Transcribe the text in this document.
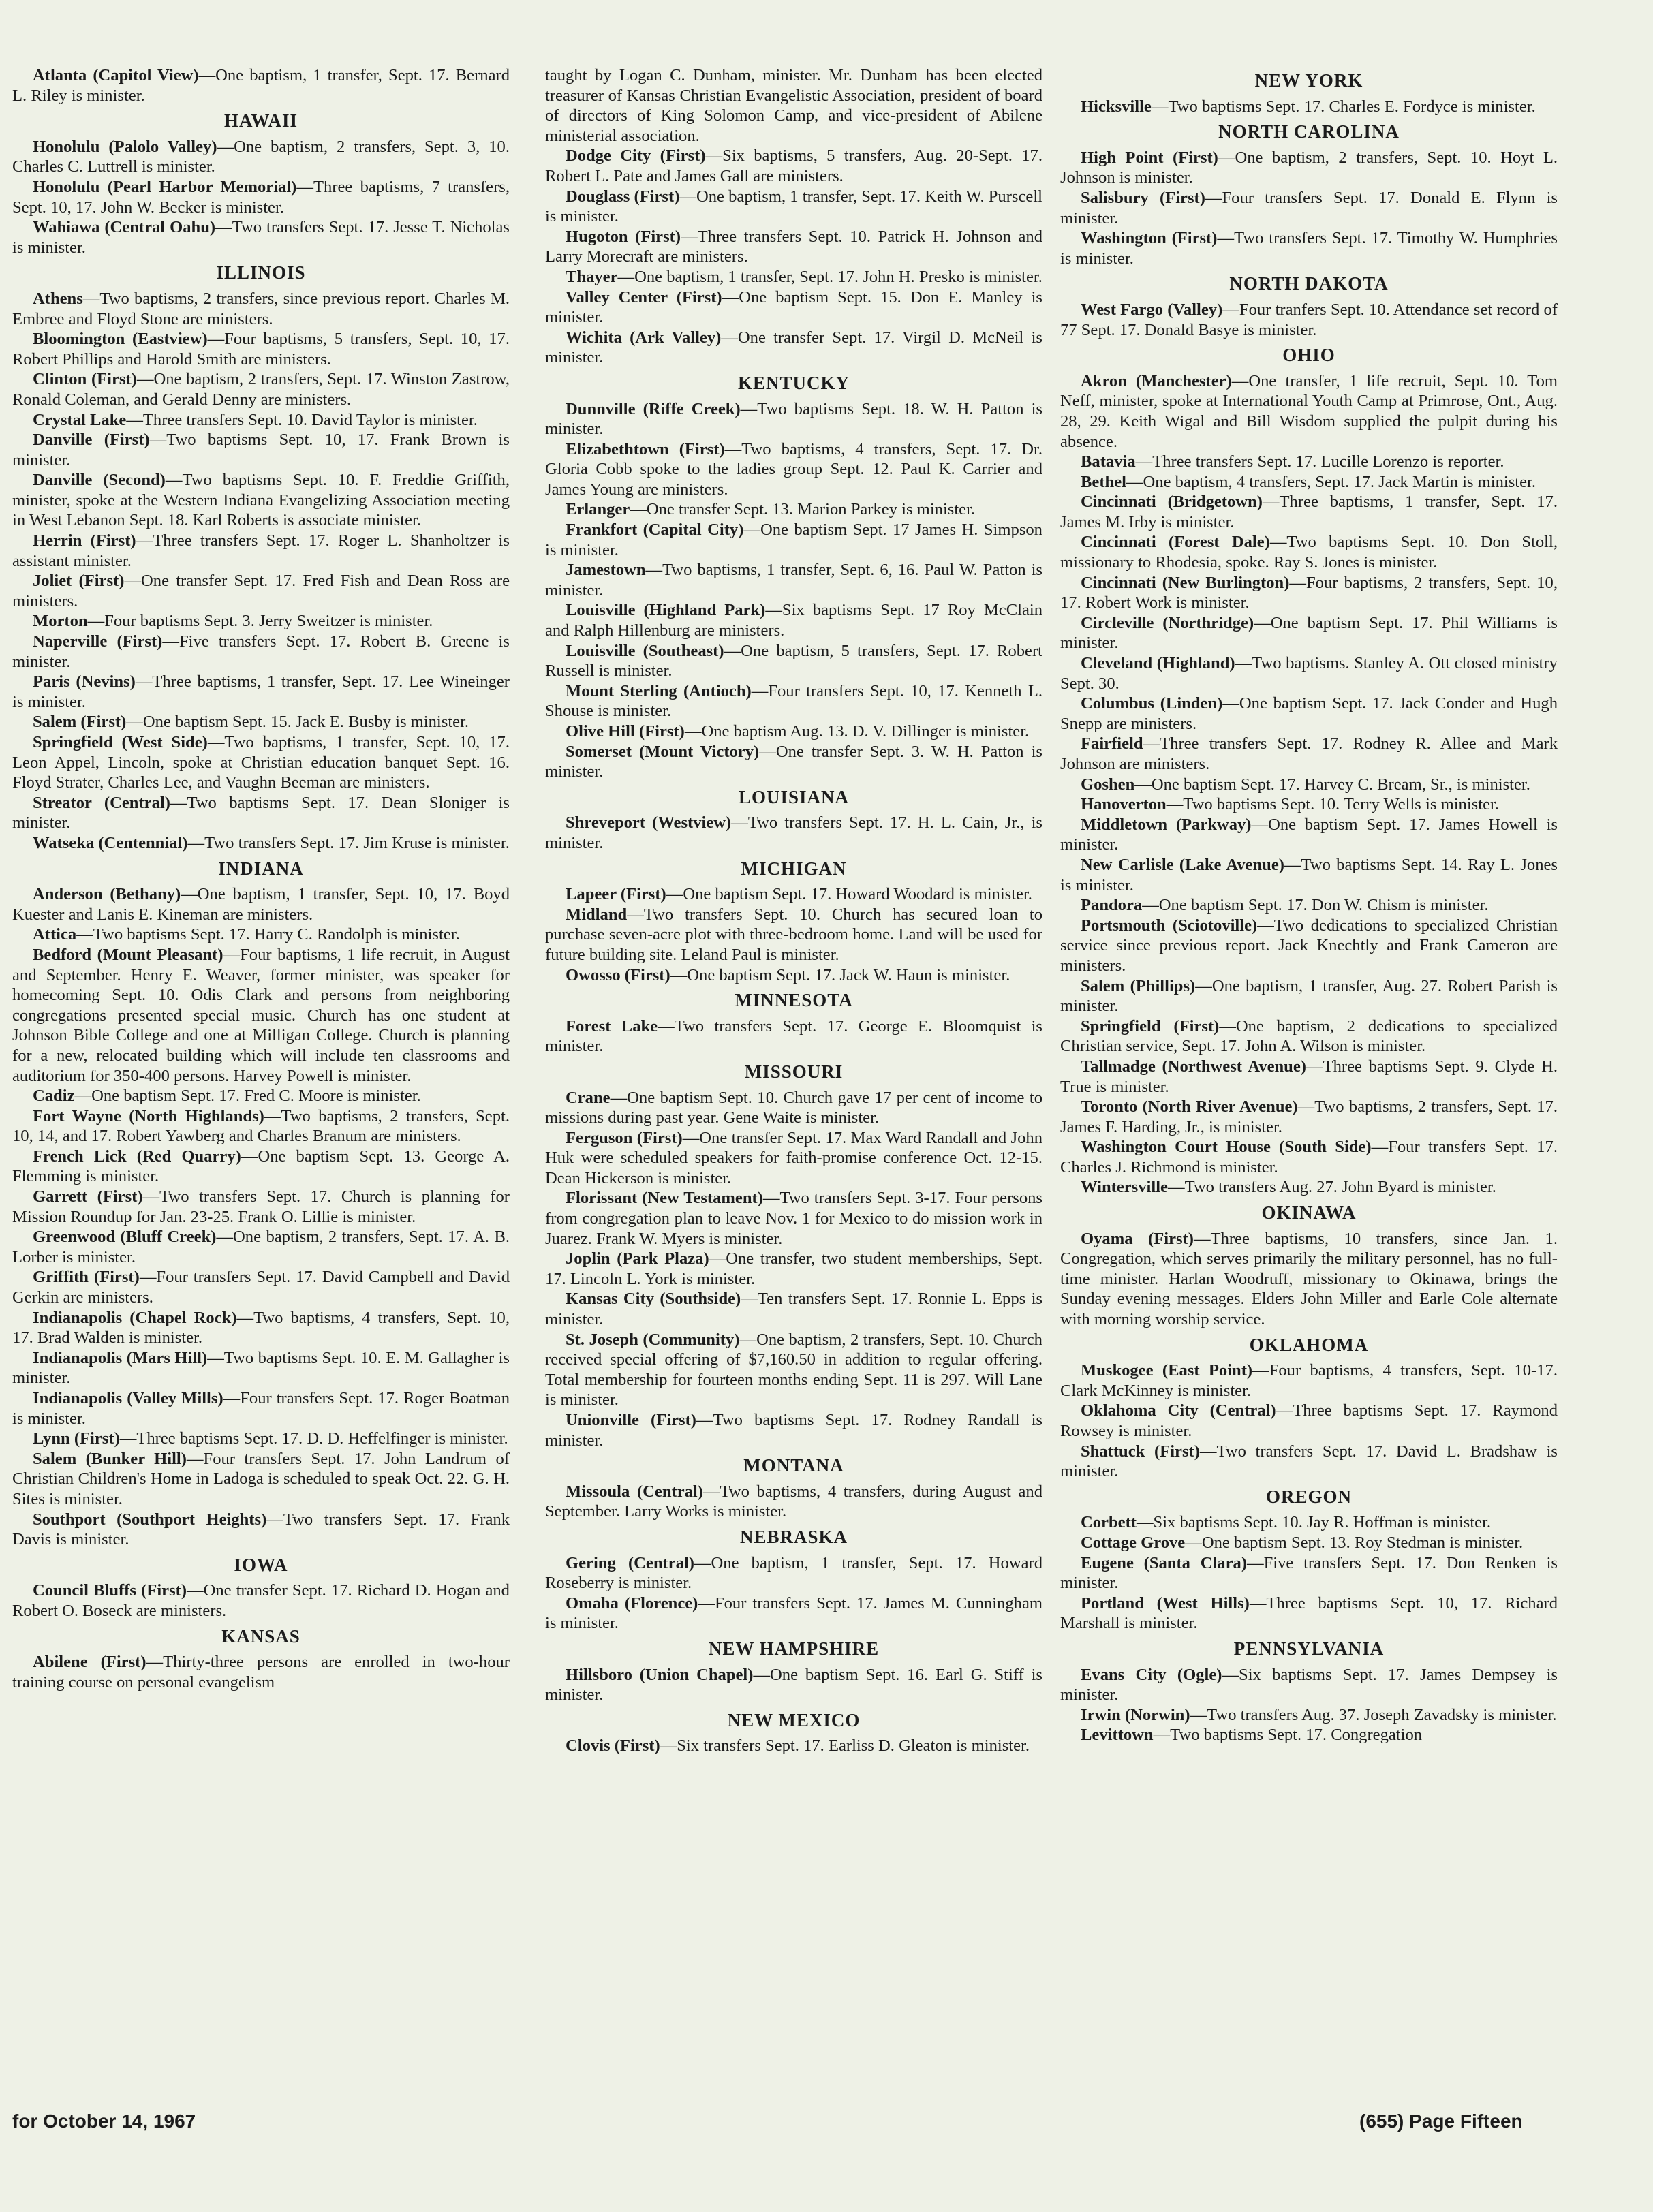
Atlanta (Capitol View)—One baptism, 1 transfer, Sept. 17. Bernard L. Riley is minister.
HAWAII
Honolulu (Palolo Valley)—One baptism, 2 transfers, Sept. 3, 10. Charles C. Luttrell is minister.
Honolulu (Pearl Harbor Memorial)—Three baptisms, 7 transfers, Sept. 10, 17. John W. Becker is minister.
Wahiawa (Central Oahu)—Two transfers Sept. 17. Jesse T. Nicholas is minister.
ILLINOIS
Athens—Two baptisms, 2 transfers, since previous report. Charles M. Embree and Floyd Stone are ministers.
Bloomington (Eastview)—Four baptisms, 5 transfers, Sept. 10, 17. Robert Phillips and Harold Smith are ministers.
Clinton (First)—One baptism, 2 transfers, Sept. 17. Winston Zastrow, Ronald Coleman, and Gerald Denny are ministers.
Crystal Lake—Three transfers Sept. 10. David Taylor is minister.
Danville (First)—Two baptisms Sept. 10, 17. Frank Brown is minister.
Danville (Second)—Two baptisms Sept. 10. F. Freddie Griffith, minister, spoke at the Western Indiana Evangelizing Association meeting in West Lebanon Sept. 18. Karl Roberts is associate minister.
Herrin (First)—Three transfers Sept. 17. Roger L. Shanholtzer is assistant minister.
Joliet (First)—One transfer Sept. 17. Fred Fish and Dean Ross are ministers.
Morton—Four baptisms Sept. 3. Jerry Sweitzer is minister.
Naperville (First)—Five transfers Sept. 17. Robert B. Greene is minister.
Paris (Nevins)—Three baptisms, 1 transfer, Sept. 17. Lee Wineinger is minister.
Salem (First)—One baptism Sept. 15. Jack E. Busby is minister.
Springfield (West Side)—Two baptisms, 1 transfer, Sept. 10, 17. Leon Appel, Lincoln, spoke at Christian education banquet Sept. 16. Floyd Strater, Charles Lee, and Vaughn Beeman are ministers.
Streator (Central)—Two baptisms Sept. 17. Dean Sloniger is minister.
Watseka (Centennial)—Two transfers Sept. 17. Jim Kruse is minister.
INDIANA
Anderson (Bethany)—One baptism, 1 transfer, Sept. 10, 17. Boyd Kuester and Lanis E. Kineman are ministers.
Attica—Two baptisms Sept. 17. Harry C. Randolph is minister.
Bedford (Mount Pleasant)—Four baptisms, 1 life recruit, in August and September. Henry E. Weaver, former minister, was speaker for homecoming Sept. 10. Odis Clark and persons from neighboring congregations presented special music. Church has one student at Johnson Bible College and one at Milligan College. Church is planning for a new, relocated building which will include ten classrooms and auditorium for 350-400 persons. Harvey Powell is minister.
Cadiz—One baptism Sept. 17. Fred C. Moore is minister.
Fort Wayne (North Highlands)—Two baptisms, 2 transfers, Sept. 10, 14, and 17. Robert Yawberg and Charles Branum are ministers.
French Lick (Red Quarry)—One baptism Sept. 13. George A. Flemming is minister.
Garrett (First)—Two transfers Sept. 17. Church is planning for Mission Roundup for Jan. 23-25. Frank O. Lillie is minister.
Greenwood (Bluff Creek)—One baptism, 2 transfers, Sept. 17. A. B. Lorber is minister.
Griffith (First)—Four transfers Sept. 17. David Campbell and David Gerkin are ministers.
Indianapolis (Chapel Rock)—Two baptisms, 4 transfers, Sept. 10, 17. Brad Walden is minister.
Indianapolis (Mars Hill)—Two baptisms Sept. 10. E. M. Gallagher is minister.
Indianapolis (Valley Mills)—Four transfers Sept. 17. Roger Boatman is minister.
Lynn (First)—Three baptisms Sept. 17. D. D. Heffelfinger is minister.
Salem (Bunker Hill)—Four transfers Sept. 17. John Landrum of Christian Children's Home in Ladoga is scheduled to speak Oct. 22. G. H. Sites is minister.
Southport (Southport Heights)—Two transfers Sept. 17. Frank Davis is minister.
IOWA
Council Bluffs (First)—One transfer Sept. 17. Richard D. Hogan and Robert O. Boseck are ministers.
KANSAS
Abilene (First)—Thirty-three persons are enrolled in two-hour training course on personal evangelism
taught by Logan C. Dunham, minister. Mr. Dunham has been elected treasurer of Kansas Christian Evangelistic Association, president of board of directors of King Solomon Camp, and vice-president of Abilene ministerial association.
Dodge City (First)—Six baptisms, 5 transfers, Aug. 20-Sept. 17. Robert L. Pate and James Gall are ministers.
Douglass (First)—One baptism, 1 transfer, Sept. 17. Keith W. Purscell is minister.
Hugoton (First)—Three transfers Sept. 10. Patrick H. Johnson and Larry Morecraft are ministers.
Thayer—One baptism, 1 transfer, Sept. 17. John H. Presko is minister.
Valley Center (First)—One baptism Sept. 15. Don E. Manley is minister.
Wichita (Ark Valley)—One transfer Sept. 17. Virgil D. McNeil is minister.
KENTUCKY
Dunnville (Riffe Creek)—Two baptisms Sept. 18. W. H. Patton is minister.
Elizabethtown (First)—Two baptisms, 4 transfers, Sept. 17. Dr. Gloria Cobb spoke to the ladies group Sept. 12. Paul K. Carrier and James Young are ministers.
Erlanger—One transfer Sept. 13. Marion Parkey is minister.
Frankfort (Capital City)—One baptism Sept. 17 James H. Simpson is minister.
Jamestown—Two baptisms, 1 transfer, Sept. 6, 16. Paul W. Patton is minister.
Louisville (Highland Park)—Six baptisms Sept. 17 Roy McClain and Ralph Hillenburg are ministers.
Louisville (Southeast)—One baptism, 5 transfers, Sept. 17. Robert Russell is minister.
Mount Sterling (Antioch)—Four transfers Sept. 10, 17. Kenneth L. Shouse is minister.
Olive Hill (First)—One baptism Aug. 13. D. V. Dillinger is minister.
Somerset (Mount Victory)—One transfer Sept. 3. W. H. Patton is minister.
LOUISIANA
Shreveport (Westview)—Two transfers Sept. 17. H. L. Cain, Jr., is minister.
MICHIGAN
Lapeer (First)—One baptism Sept. 17. Howard Woodard is minister.
Midland—Two transfers Sept. 10. Church has secured loan to purchase seven-acre plot with three-bedroom home. Land will be used for future building site. Leland Paul is minister.
Owosso (First)—One baptism Sept. 17. Jack W. Haun is minister.
MINNESOTA
Forest Lake—Two transfers Sept. 17. George E. Bloomquist is minister.
MISSOURI
Crane—One baptism Sept. 10. Church gave 17 per cent of income to missions during past year. Gene Waite is minister.
Ferguson (First)—One transfer Sept. 17. Max Ward Randall and John Huk were scheduled speakers for faith-promise conference Oct. 12-15. Dean Hickerson is minister.
Florissant (New Testament)—Two transfers Sept. 3-17. Four persons from congregation plan to leave Nov. 1 for Mexico to do mission work in Juarez. Frank W. Myers is minister.
Joplin (Park Plaza)—One transfer, two student memberships, Sept. 17. Lincoln L. York is minister.
Kansas City (Southside)—Ten transfers Sept. 17. Ronnie L. Epps is minister.
St. Joseph (Community)—One baptism, 2 transfers, Sept. 10. Church received special offering of $7,160.50 in addition to regular offering. Total membership for fourteen months ending Sept. 11 is 297. Will Lane is minister.
Unionville (First)—Two baptisms Sept. 17. Rodney Randall is minister.
MONTANA
Missoula (Central)—Two baptisms, 4 transfers, during August and September. Larry Works is minister.
NEBRASKA
Gering (Central)—One baptism, 1 transfer, Sept. 17. Howard Roseberry is minister.
Omaha (Florence)—Four transfers Sept. 17. James M. Cunningham is minister.
NEW HAMPSHIRE
Hillsboro (Union Chapel)—One baptism Sept. 16. Earl G. Stiff is minister.
NEW MEXICO
Clovis (First)—Six transfers Sept. 17. Earliss D. Gleaton is minister.
NEW YORK
Hicksville—Two baptisms Sept. 17. Charles E. Fordyce is minister.
NORTH CAROLINA
High Point (First)—One baptism, 2 transfers, Sept. 10. Hoyt L. Johnson is minister.
Salisbury (First)—Four transfers Sept. 17. Donald E. Flynn is minister.
Washington (First)—Two transfers Sept. 17. Timothy W. Humphries is minister.
NORTH DAKOTA
West Fargo (Valley)—Four tranfers Sept. 10. Attendance set record of 77 Sept. 17. Donald Basye is minister.
OHIO
Akron (Manchester)—One transfer, 1 life recruit, Sept. 10. Tom Neff, minister, spoke at International Youth Camp at Primrose, Ont., Aug. 28, 29. Keith Wigal and Bill Wisdom supplied the pulpit during his absence.
Batavia—Three transfers Sept. 17. Lucille Lorenzo is reporter.
Bethel—One baptism, 4 transfers, Sept. 17. Jack Martin is minister.
Cincinnati (Bridgetown)—Three baptisms, 1 transfer, Sept. 17. James M. Irby is minister.
Cincinnati (Forest Dale)—Two baptisms Sept. 10. Don Stoll, missionary to Rhodesia, spoke. Ray S. Jones is minister.
Cincinnati (New Burlington)—Four baptisms, 2 transfers, Sept. 10, 17. Robert Work is minister.
Circleville (Northridge)—One baptism Sept. 17. Phil Williams is minister.
Cleveland (Highland)—Two baptisms. Stanley A. Ott closed ministry Sept. 30.
Columbus (Linden)—One baptism Sept. 17. Jack Conder and Hugh Snepp are ministers.
Fairfield—Three transfers Sept. 17. Rodney R. Allee and Mark Johnson are ministers.
Goshen—One baptism Sept. 17. Harvey C. Bream, Sr., is minister.
Hanoverton—Two baptisms Sept. 10. Terry Wells is minister.
Middletown (Parkway)—One baptism Sept. 17. James Howell is minister.
New Carlisle (Lake Avenue)—Two baptisms Sept. 14. Ray L. Jones is minister.
Pandora—One baptism Sept. 17. Don W. Chism is minister.
Portsmouth (Sciotoville)—Two dedications to specialized Christian service since previous report. Jack Knechtly and Frank Cameron are ministers.
Salem (Phillips)—One baptism, 1 transfer, Aug. 27. Robert Parish is minister.
Springfield (First)—One baptism, 2 dedications to specialized Christian service, Sept. 17. John A. Wilson is minister.
Tallmadge (Northwest Avenue)—Three baptisms Sept. 9. Clyde H. True is minister.
Toronto (North River Avenue)—Two baptisms, 2 transfers, Sept. 17. James F. Harding, Jr., is minister.
Washington Court House (South Side)—Four transfers Sept. 17. Charles J. Richmond is minister.
Wintersville—Two transfers Aug. 27. John Byard is minister.
OKINAWA
Oyama (First)—Three baptisms, 10 transfers, since Jan. 1. Congregation, which serves primarily the military personnel, has no full-time minister. Harlan Woodruff, missionary to Okinawa, brings the Sunday evening messages. Elders John Miller and Earle Cole alternate with morning worship service.
OKLAHOMA
Muskogee (East Point)—Four baptisms, 4 transfers, Sept. 10-17. Clark McKinney is minister.
Oklahoma City (Central)—Three baptisms Sept. 17. Raymond Rowsey is minister.
Shattuck (First)—Two transfers Sept. 17. David L. Bradshaw is minister.
OREGON
Corbett—Six baptisms Sept. 10. Jay R. Hoffman is minister.
Cottage Grove—One baptism Sept. 13. Roy Stedman is minister.
Eugene (Santa Clara)—Five transfers Sept. 17. Don Renken is minister.
Portland (West Hills)—Three baptisms Sept. 10, 17. Richard Marshall is minister.
PENNSYLVANIA
Evans City (Ogle)—Six baptisms Sept. 17. James Dempsey is minister.
Irwin (Norwin)—Two transfers Aug. 37. Joseph Zavadsky is minister.
Levittown—Two baptisms Sept. 17. Congregation
for October 14, 1967	(655) Page Fifteen
